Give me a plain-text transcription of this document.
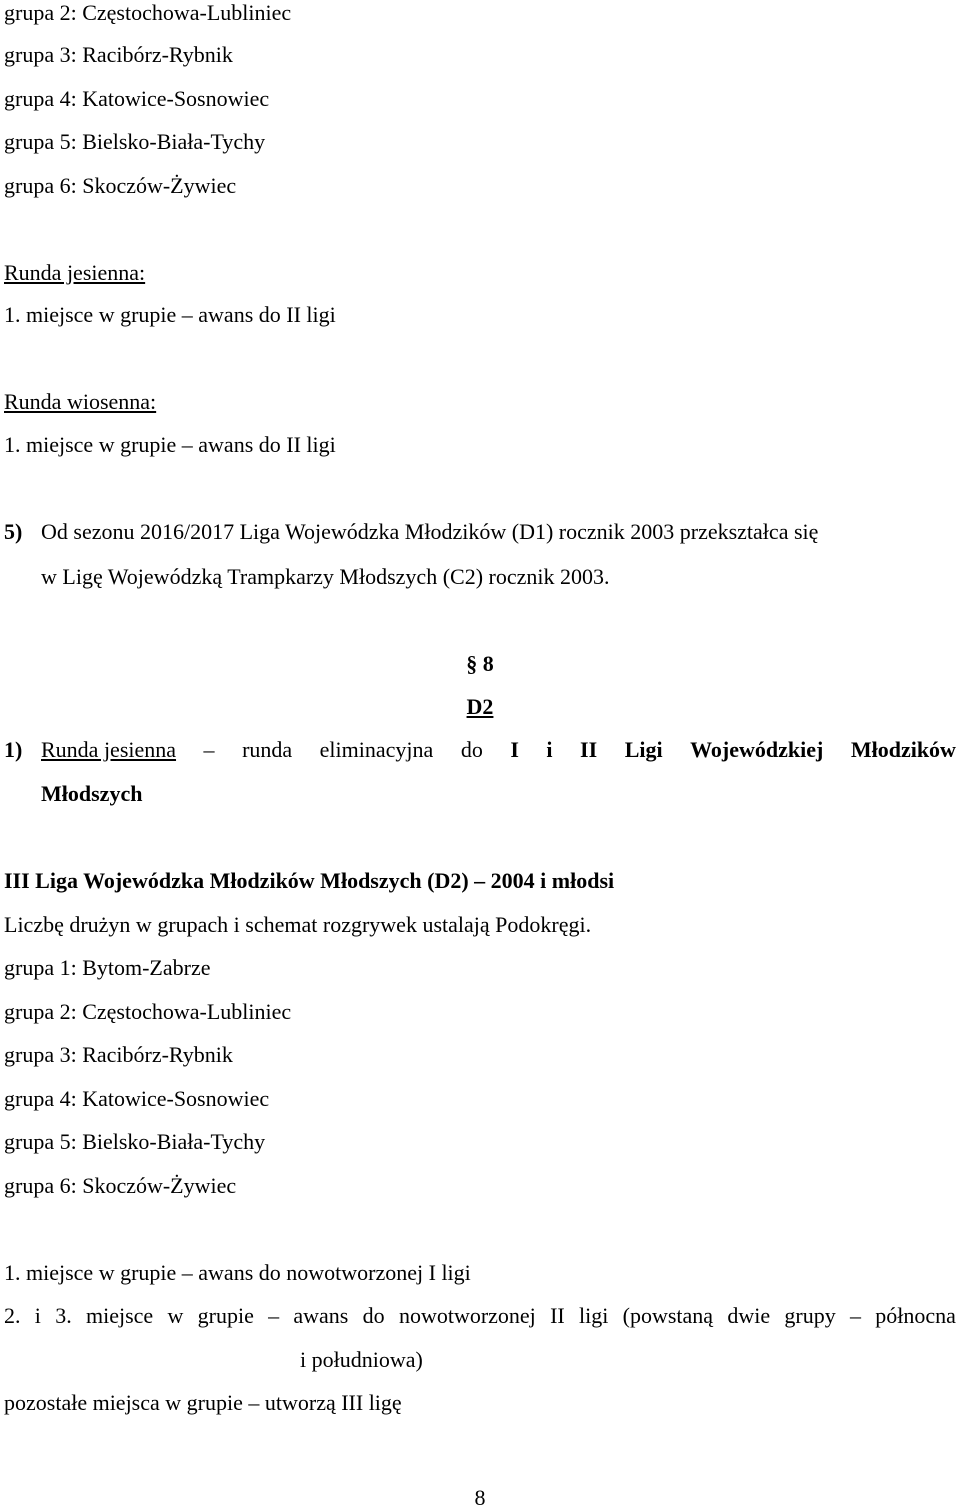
grupa 2: Częstochowa-Lubliniec
grupa 3: Racibórz-Rybnik
grupa 4: Katowice-Sosnowiec
grupa 5: Bielsko-Biała-Tychy
grupa 6: Skoczów-Żywiec
Runda jesienna:
1. miejsce w grupie – awans do II ligi
Runda wiosenna:
1. miejsce w grupie – awans do II ligi
5) Od sezonu 2016/2017 Liga Wojewódzka Młodzików (D1) rocznik 2003 przekształca się
w Ligę Wojewódzką Trampkarzy Młodszych (C2) rocznik 2003.
§ 8
D2
1) Runda jesienna – runda eliminacyjna do I i II Ligi Wojewódzkiej Młodzików
Młodszych
III Liga Wojewódzka Młodzików Młodszych (D2) – 2004 i młodsi
Liczbę drużyn w grupach i schemat rozgrywek ustalają Podokręgi.
grupa 1: Bytom-Zabrze
grupa 2: Częstochowa-Lubliniec
grupa 3: Racibórz-Rybnik
grupa 4: Katowice-Sosnowiec
grupa 5: Bielsko-Biała-Tychy
grupa 6: Skoczów-Żywiec
1. miejsce w grupie – awans do nowotworzonej I ligi
2. i 3. miejsce w grupie – awans do nowotworzonej II ligi (powstaną dwie grupy – północna
i południowa)
pozostałe miejsca w grupie – utworzą III ligę
8
